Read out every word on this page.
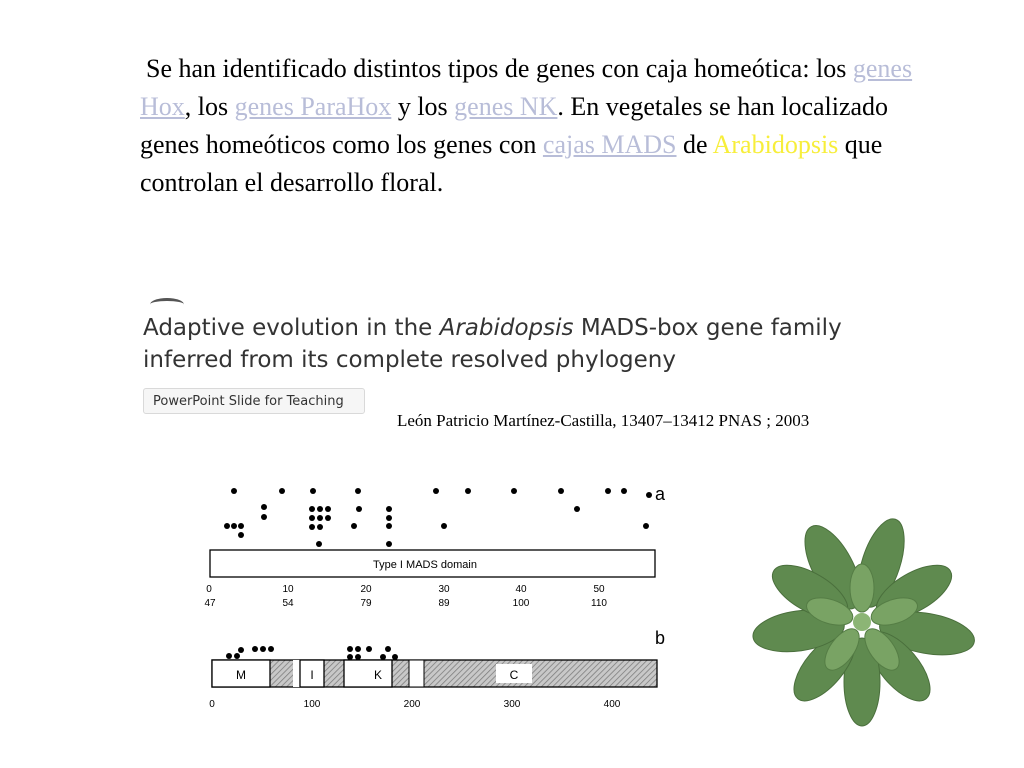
Se han identificado distintos tipos de genes con caja homeótica: los genes Hox, los genes ParaHox y los genes NK. En vegetales se han localizado genes homeóticos como los genes con cajas MADS de Arabidopsis que controlan el desarrollo floral.
Adaptive evolution in the Arabidopsis MADS-box gene family inferred from its complete resolved phylogeny
PowerPoint Slide for Teaching
León Patricio Martínez-Castilla, 13407–13412 PNAS ; 2003
a
Type I MADS domain
0	10	20	30	40	50
47	54	79	89	100	110
b
M	I	K	C
0	100	200	300	400
